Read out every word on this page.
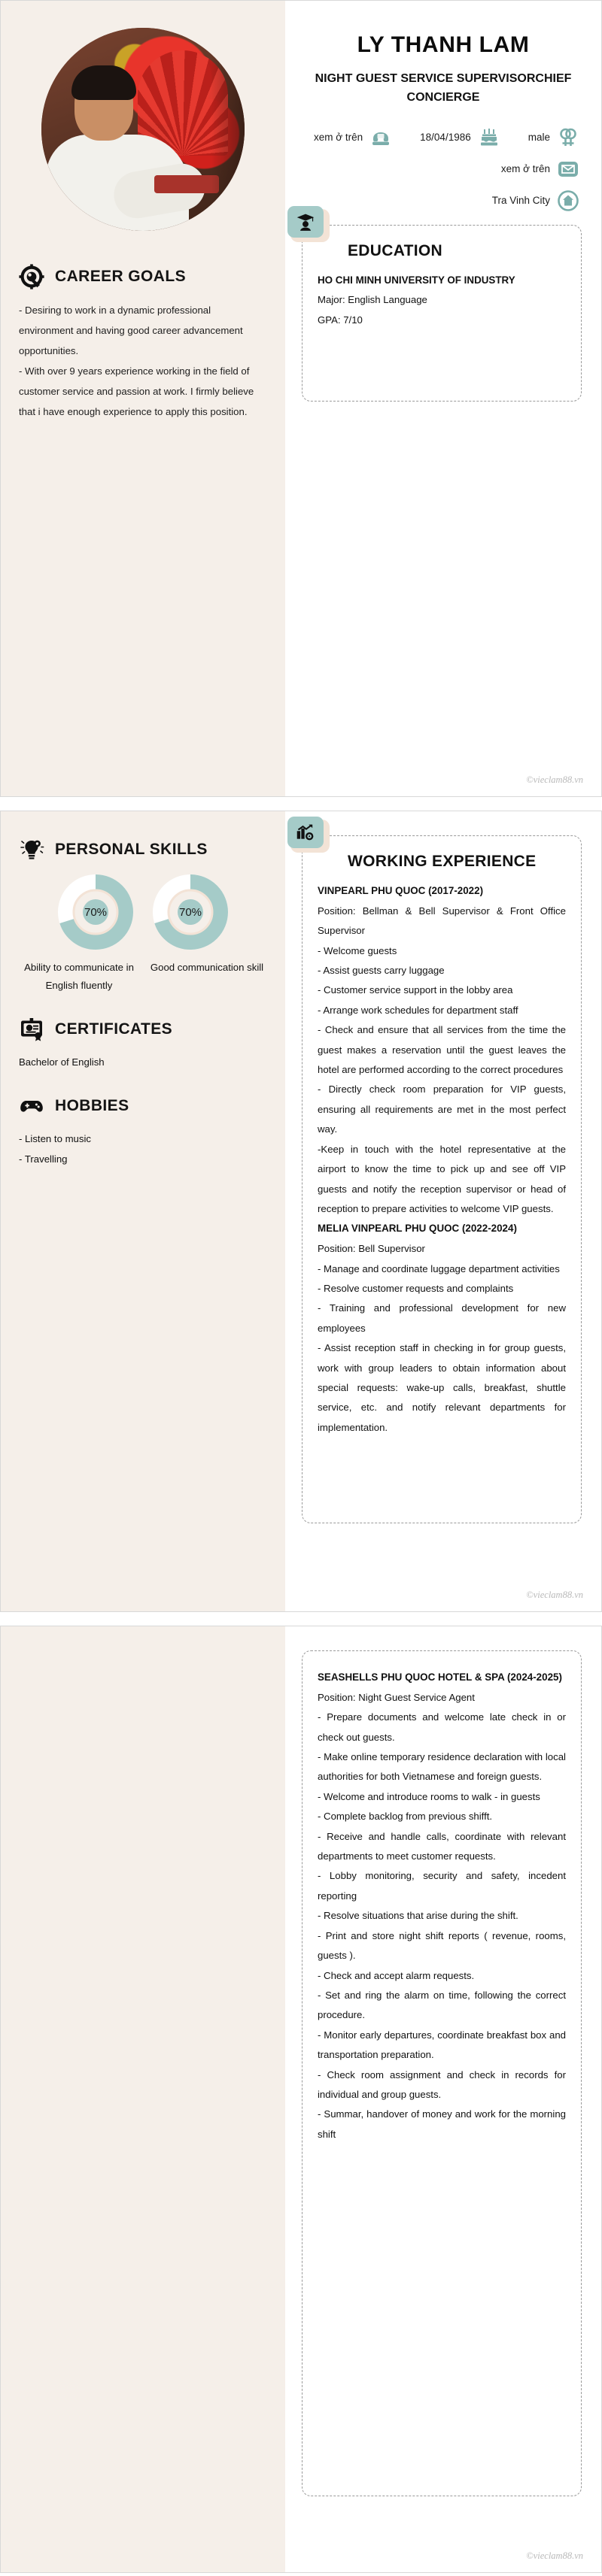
CAREER GOALS

- Desiring to work in a dynamic professional environment and having good career advancement opportunities.

- With over 9 years experience working in the field of customer service and passion at work. I firmly believe that i have enough experience to apply this position.

LY THANH LAM
NIGHT GUEST SERVICE SUPERVISORCHIEF CONCIERGE
xem ở trên	18/04/1986	male
xem ở trên
Tra Vinh City
EDUCATION
HO CHI MINH UNIVERSITY OF INDUSTRY
Major: English Language
GPA: 7/10
©vieclam88.vn
PERSONAL SKILLS
70%	70%
Ability to communicate in English fluently
Good communication skill
CERTIFICATES
Bachelor of English
HOBBIES
- Listen to music
- Travelling
WORKING EXPERIENCE
VINPEARL PHU QUOC (2017-2022)
Position: Bellman & Bell Supervisor & Front Office Supervisor
- Welcome guests
- Assist guests carry luggage
- Customer service support in the lobby area
- Arrange work schedules for department staff
- Check and ensure that all services from the time the guest makes a reservation until the guest leaves the hotel are performed according to the correct procedures
- Directly check room preparation for VIP guests, ensuring all requirements are met in the most perfect way.
-Keep in touch with the hotel representative at the airport to know the time to pick up and see off VIP guests and notify the reception supervisor or head of reception to prepare activities to welcome VIP guests.
MELIA VINPEARL PHU QUOC (2022-2024)
Position: Bell Supervisor
- Manage and coordinate luggage department activities
- Resolve customer requests and complaints
- Training and professional development for new employees
- Assist reception staff in checking in for group guests, work with group leaders to obtain information about special requests: wake-up calls, breakfast, shuttle service, etc. and notify relevant departments for implementation.
©vieclam88.vn
SEASHELLS PHU QUOC HOTEL & SPA (2024-2025)
Position: Night Guest Service Agent
- Prepare documents and welcome late check in or check out guests.
- Make online temporary residence declaration with local authorities for both Vietnamese and foreign guests.
- Welcome and introduce rooms to walk - in guests
- Complete backlog from previous shifft.
- Receive and handle calls, coordinate with relevant departments to meet customer requests.
- Lobby monitoring, security and safety, incedent reporting
- Resolve situations that arise during the shift.
- Print and store night shift reports ( revenue, rooms, guests ).
- Check and accept alarm requests.
- Set and ring the alarm on time, following the correct procedure.
- Monitor early departures, coordinate breakfast box and transportation preparation.
- Check room assignment and check in records for individual and group guests.
- Summar, handover of money and work for the morning shift
©vieclam88.vn
